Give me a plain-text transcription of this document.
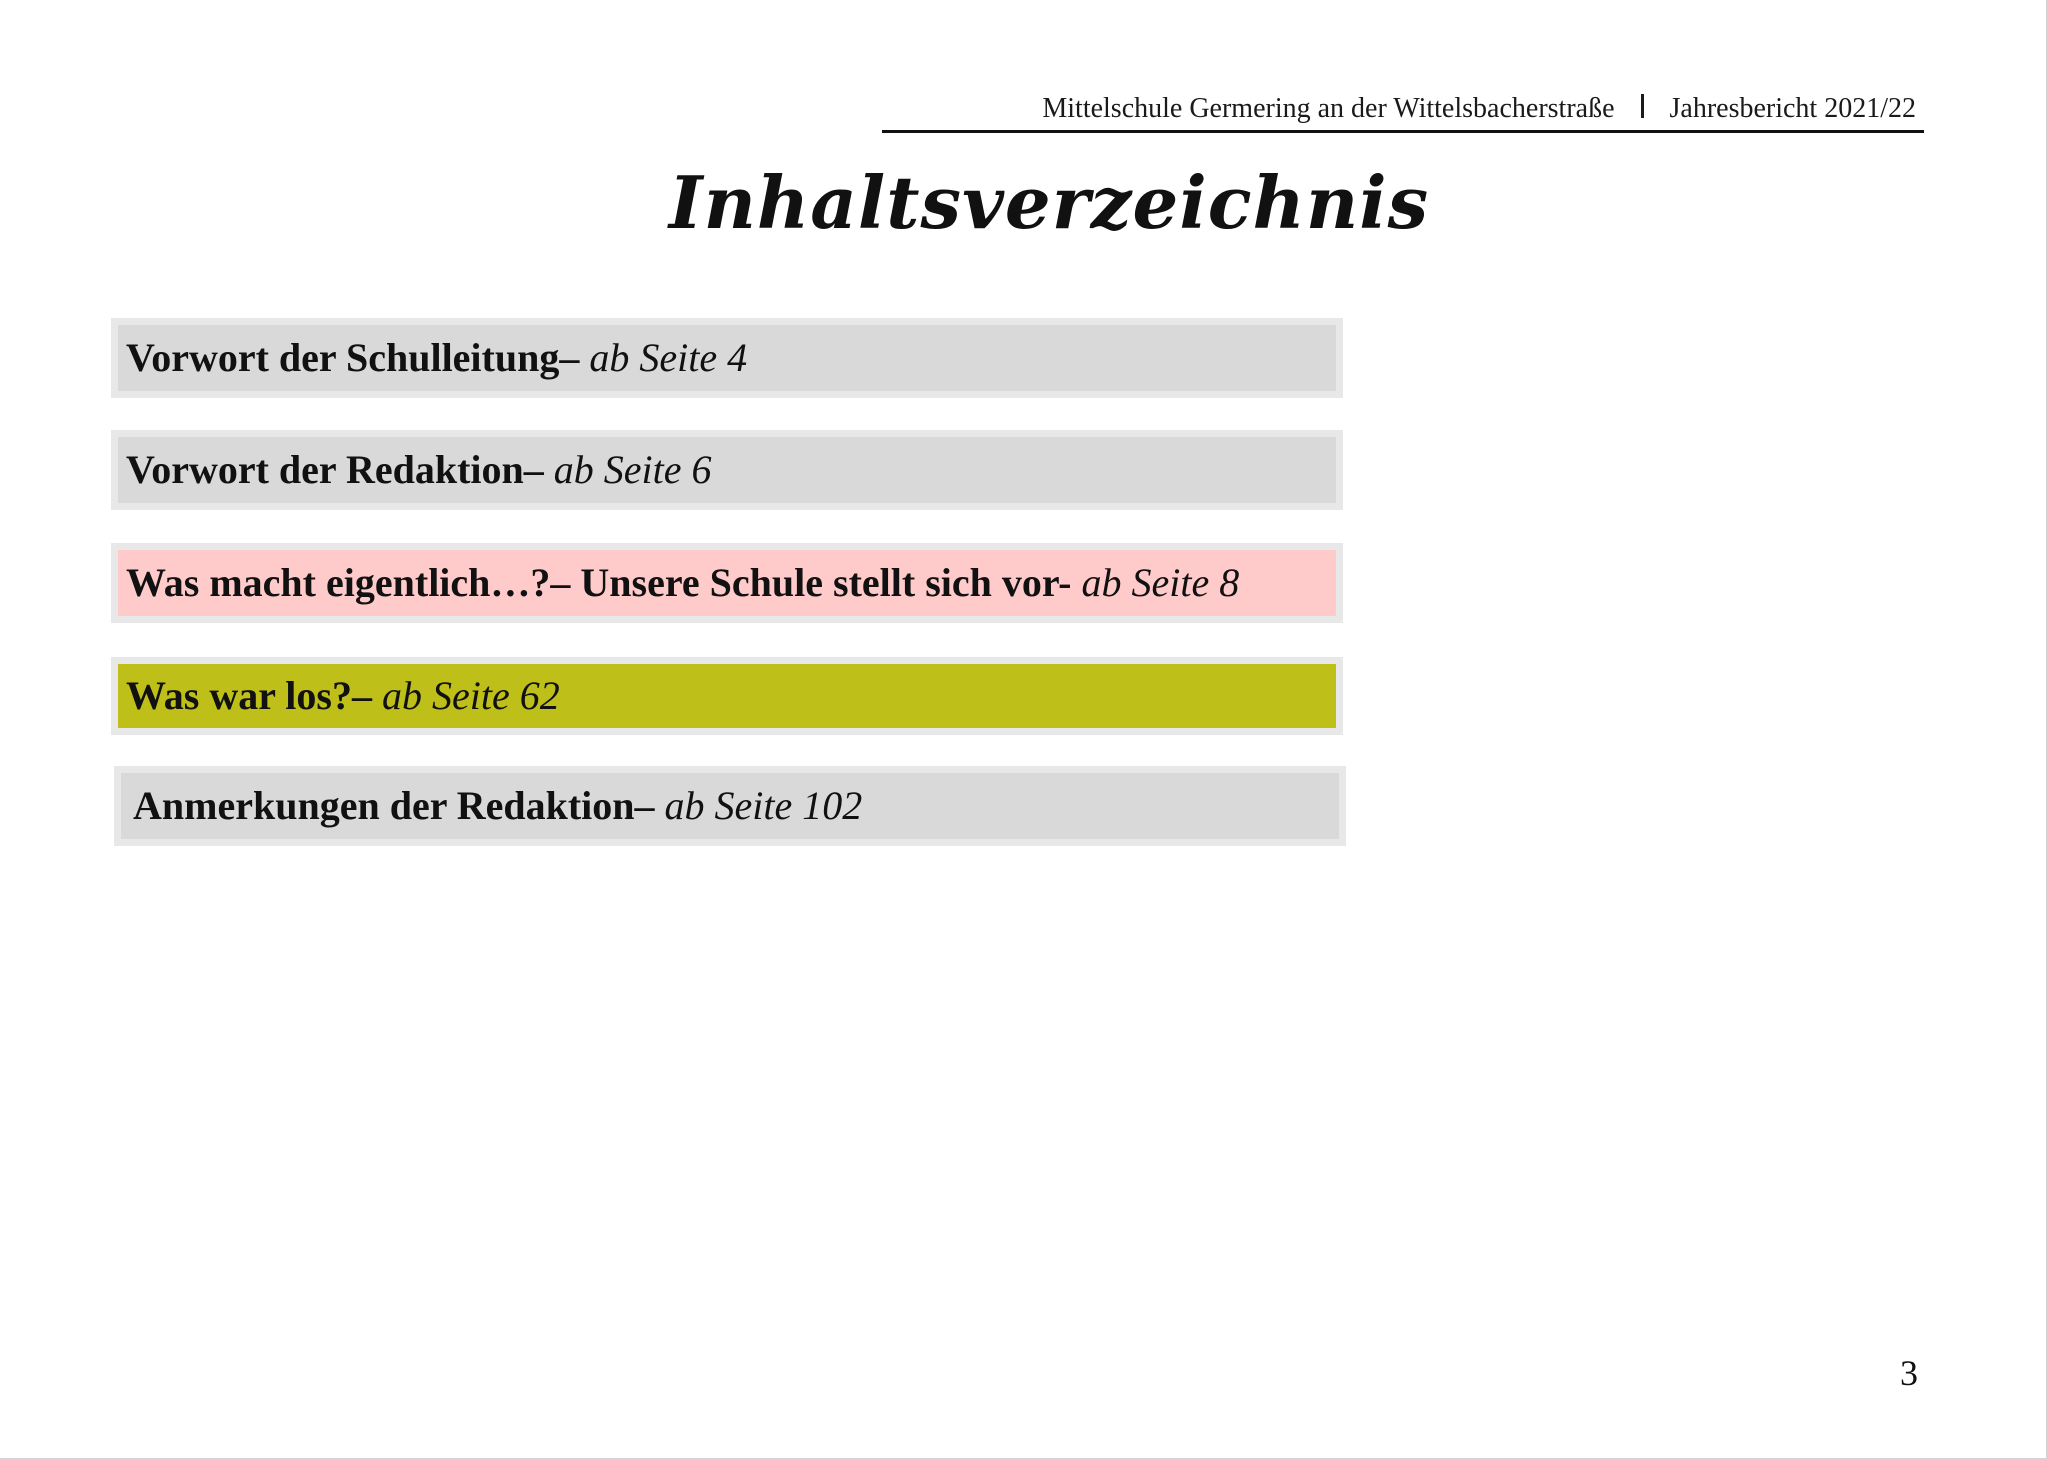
Mittelschule Germering an der Wittelsbacherstraße Jahresbericht 2021/22
Inhaltsverzeichnis
Vorwort der Schulleitung– ab Seite 4
Vorwort der Redaktion– ab Seite 6
Was macht eigentlich…?– Unsere Schule stellt sich vor- ab Seite 8
Was war los?– ab Seite 62
Anmerkungen der Redaktion– ab Seite 102
3
